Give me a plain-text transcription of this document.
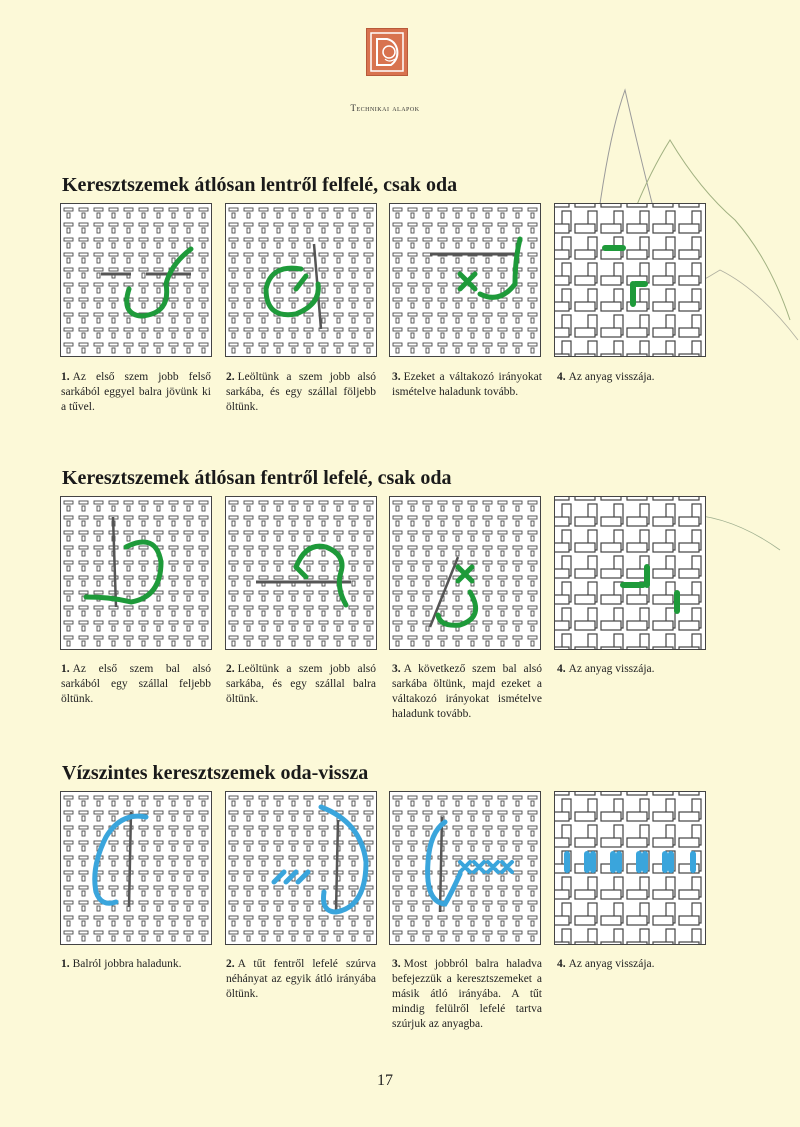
Technikai alapok
Keresztszemek átlósan lentről felfelé, csak oda
Keresztszemek átlósan fentről lefelé, csak oda
Vízszintes keresztszemek oda-vissza
1. Az első szem jobb felső sarkából eggyel balra jövünk ki a tűvel.
2. Leöltünk a szem jobb alsó sarkába, és egy szállal följebb öltünk.
3. Ezeket a váltakozó irányokat ismételve haladunk tovább.
4. Az anyag visszája.
1. Az első szem bal alsó sarkából egy szállal feljebb öltünk.
2. Leöltünk a szem jobb alsó sarkába, és egy szállal balra öltünk.
3. A következő szem bal alsó sarkába öltünk, majd ezeket a váltakozó irányokat ismételve haladunk tovább.
4. Az anyag visszája.
1. Balról jobbra haladunk.	2. A tűt fentről lefelé szúrva néhányat az egyik átló irányába öltünk.
3. Most jobbról balra haladva befejezzük a keresztszemeket a másik átló irányába. A tűt mindig felülről lefelé tartva szúrjuk az anyagba.
4. Az anyag visszája.
17
